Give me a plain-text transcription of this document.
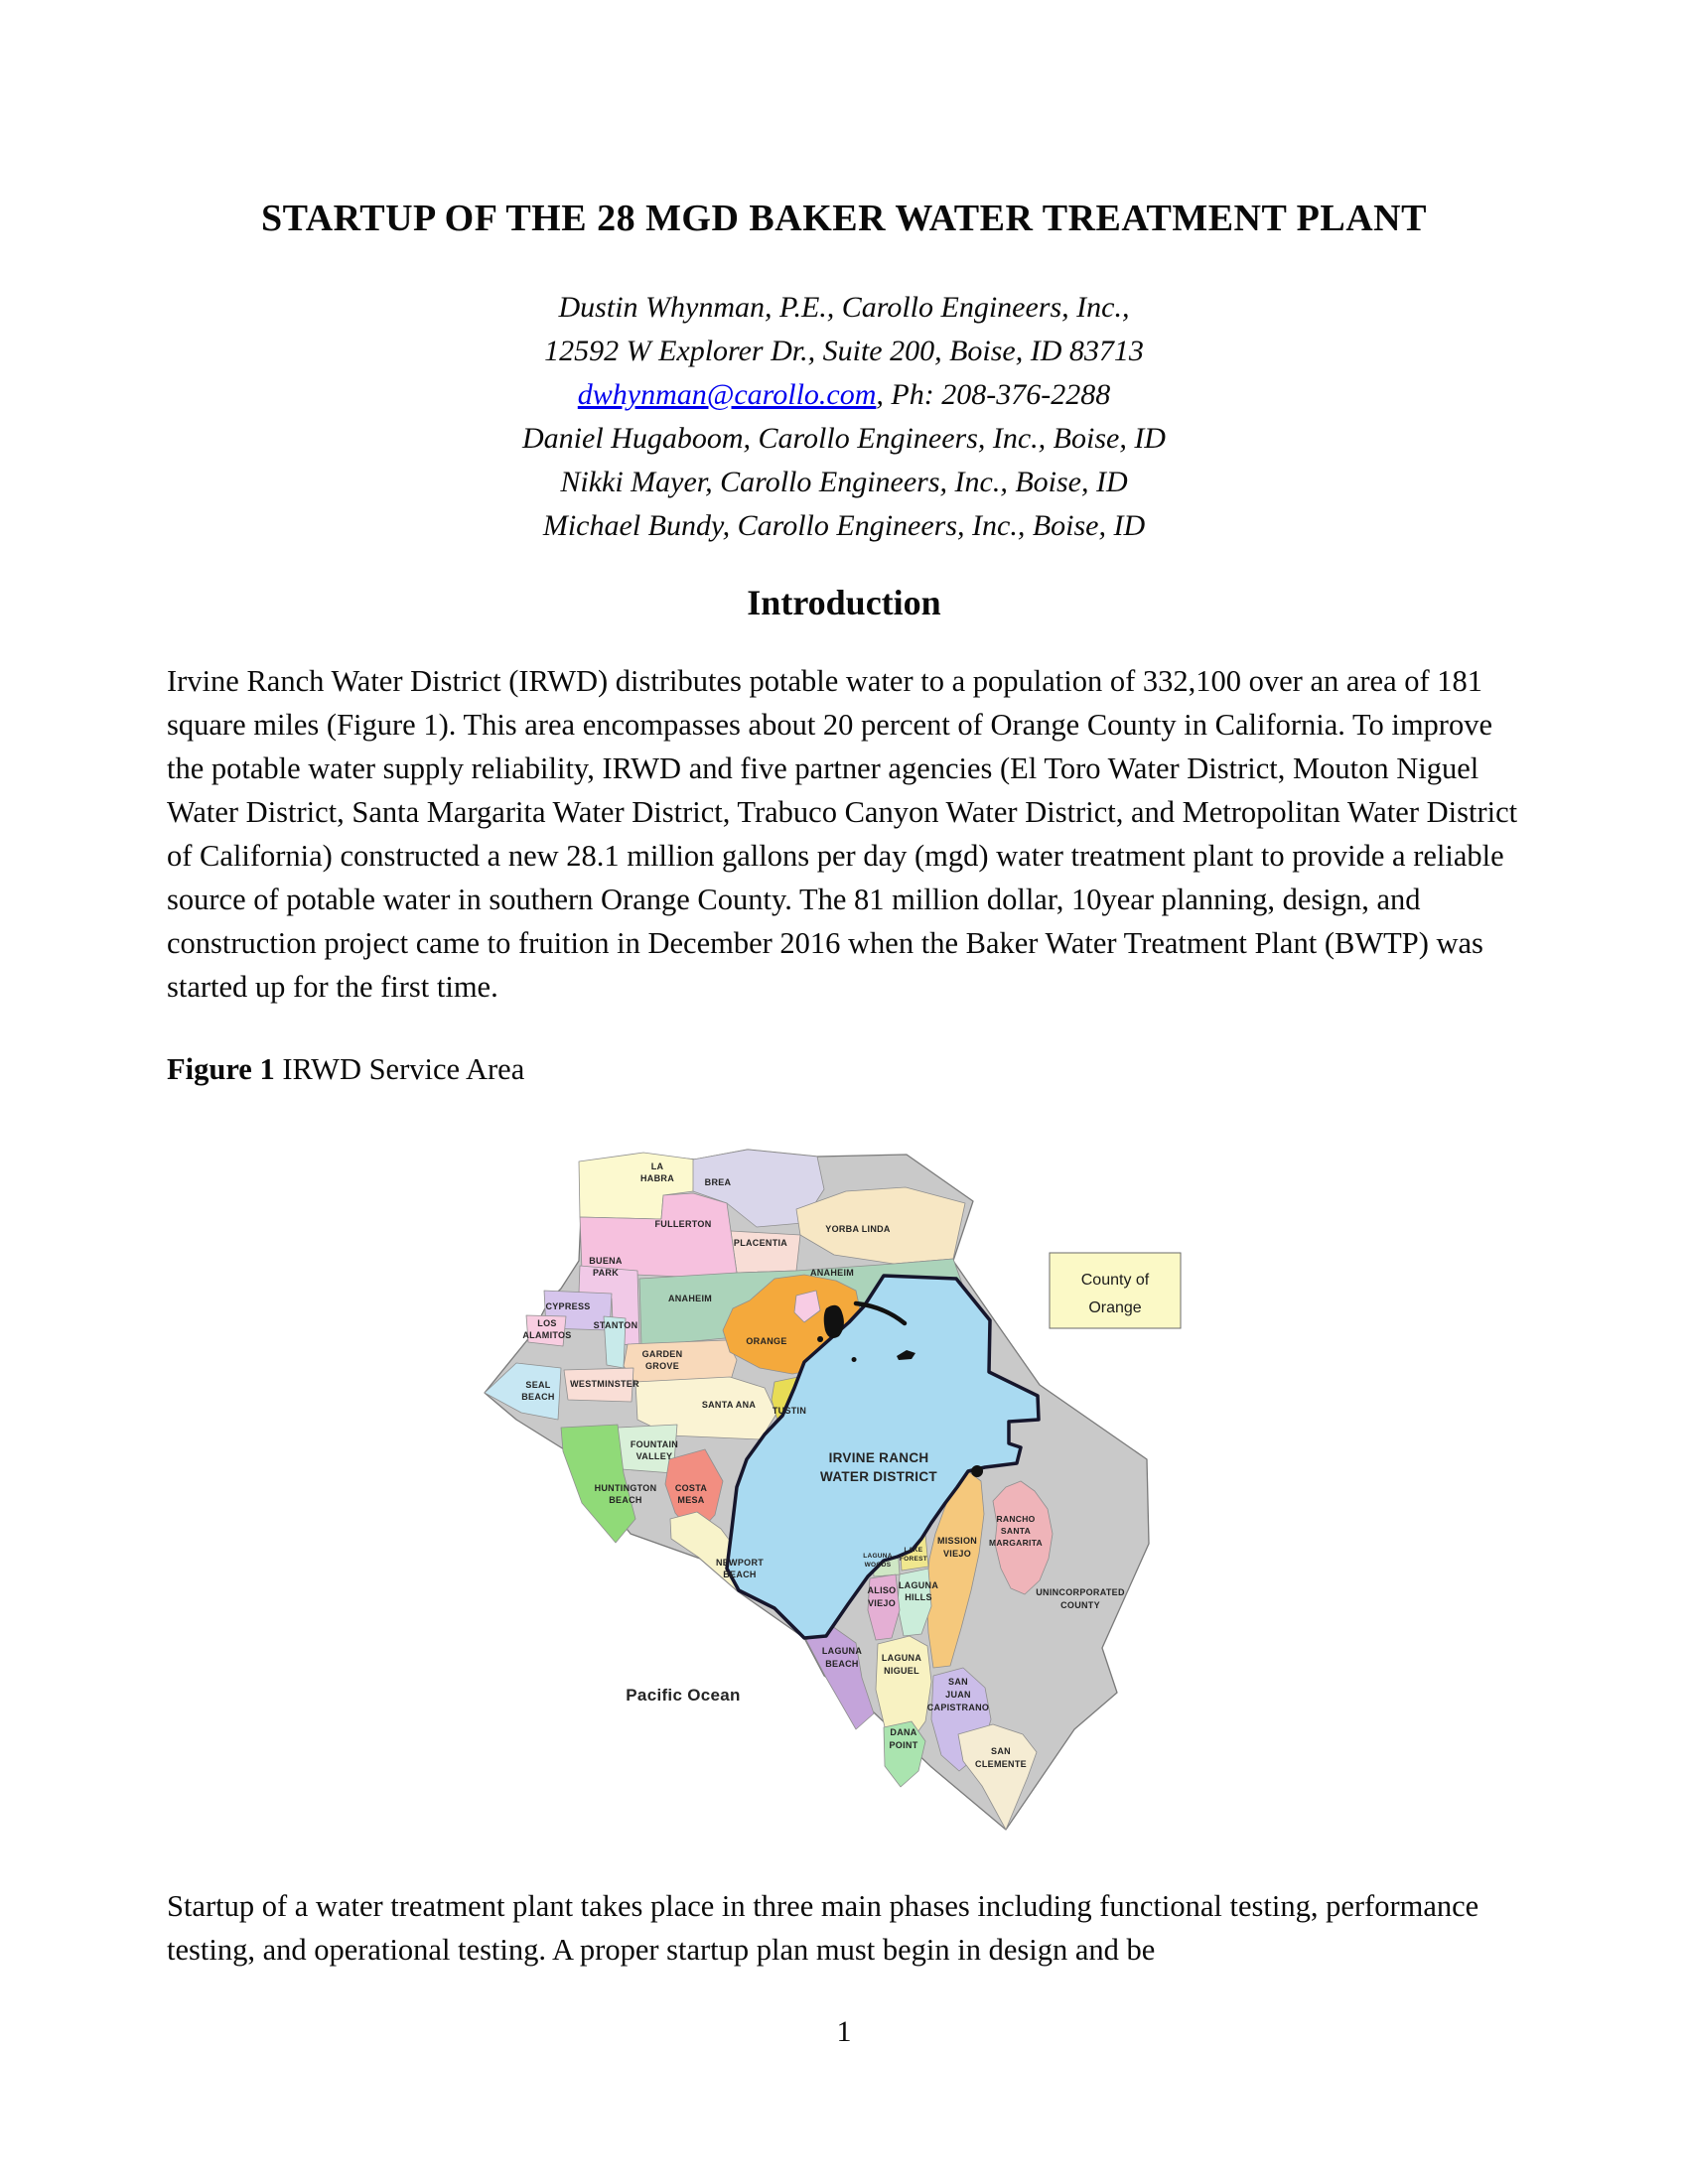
STARTUP OF THE 28 MGD BAKER WATER TREATMENT PLANT
Dustin Whynman, P.E., Carollo Engineers, Inc.,
12592 W Explorer Dr., Suite 200, Boise, ID 83713
dwhynman@carollo.com, Ph: 208-376-2288
Daniel Hugaboom, Carollo Engineers, Inc., Boise, ID
Nikki Mayer, Carollo Engineers, Inc., Boise, ID
Michael Bundy, Carollo Engineers, Inc., Boise, ID
Introduction

Irvine Ranch Water District (IRWD) distributes potable water to a population of 332,100 over an area of 181 square miles (Figure 1). This area encompasses about 20 percent of Orange County in California. To improve the potable water supply reliability, IRWD and five partner agencies (El Toro Water District, Mouton Niguel Water District, Santa Margarita Water District, Trabuco Canyon Water District, and Metropolitan Water District of California) constructed a new 28.1 million gallons per day (mgd) water treatment plant to provide a reliable source of potable water in southern Orange County. The 81 million dollar, 10year planning, design, and construction project came to fruition in December 2016 when the Baker Water Treatment Plant (BWTP) was started up for the first time.

Figure 1 IRWD Service Area

LA
HABRA	BREA
FULLERTON
PLACENTIA
YORBA LINDA
BUENA
PARK	ANAHEIM
ANAHEIM
CYPRESS
LOS
ALAMITOS
STANTON
ORANGE
GARDEN
GROVE
WESTMINSTER
SEAL
BEACH
SANTA ANA
TUSTIN
FOUNTAIN
VALLEY
HUNTINGTON
BEACH
COSTA
MESA
IRVINE RANCH
WATER DISTRICT
NEWPORT
BEACH
LAGUNA
WOODS
LAKE
FOREST
MISSION
VIEJO
RANCHO
SANTA
MARGARITA
UNINCORPORATED
COUNTY
ALISO
VIEJO
LAGUNA
HILLS
LAGUNA
BEACH
LAGUNA
NIGUEL
SAN
JUAN
CAPISTRANO
DANA
POINT
SAN
CLEMENTE
Pacific Ocean
County of
Orange

Startup of a water treatment plant takes place in three main phases including functional testing, performance testing, and operational testing. A proper startup plan must begin in design and be

1
